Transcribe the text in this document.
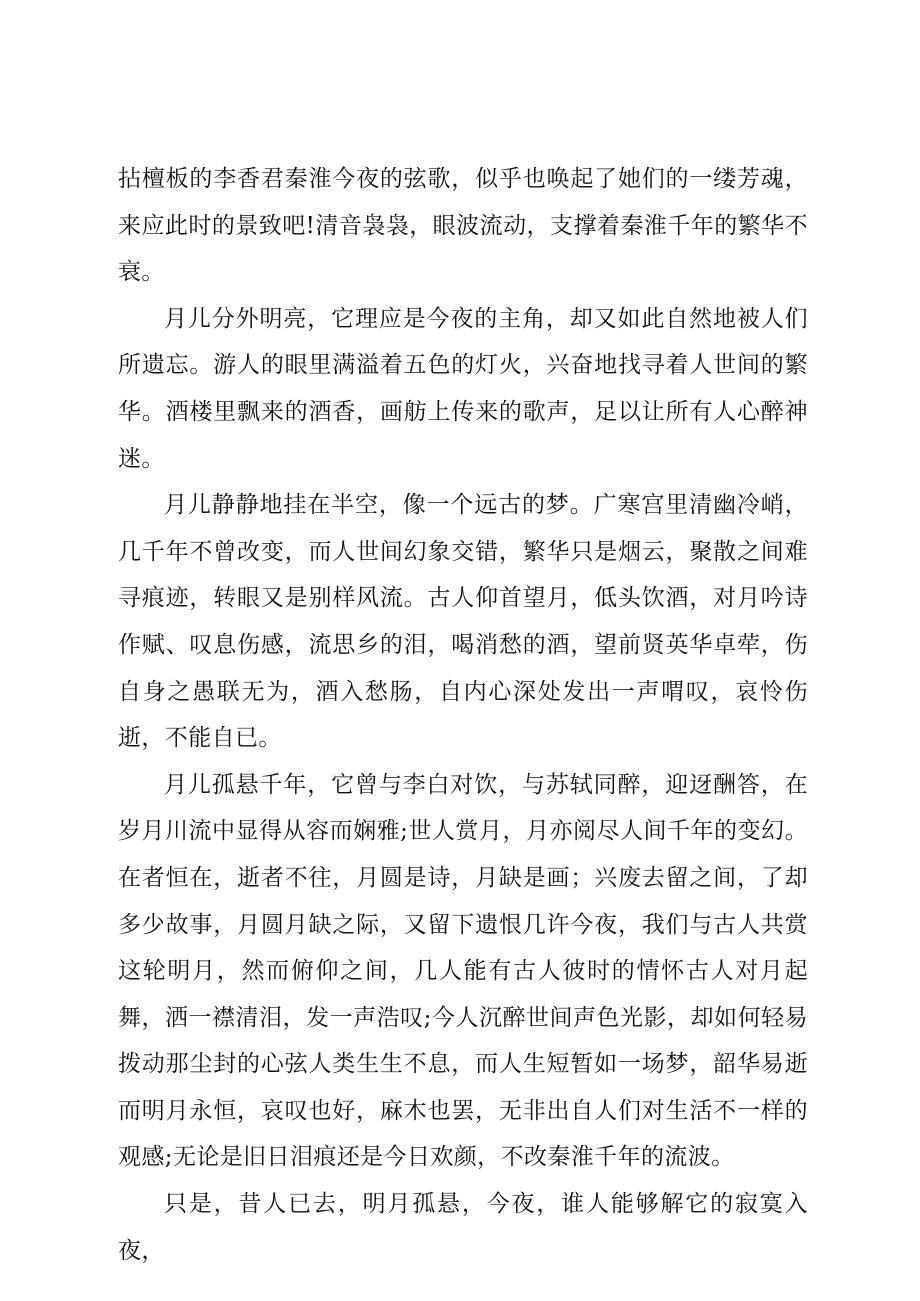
拈檀板的李香君秦淮今夜的弦歌，似乎也唤起了她们的一缕芳魂，来应此时的景致吧!清音袅袅，眼波流动，支撑着秦淮千年的繁华不衰。

月儿分外明亮，它理应是今夜的主角，却又如此自然地被人们所遗忘。游人的眼里满溢着五色的灯火，兴奋地找寻着人世间的繁华。酒楼里飘来的酒香，画舫上传来的歌声，足以让所有人心醉神迷。

月儿静静地挂在半空，像一个远古的梦。广寒宫里清幽冷峭，几千年不曾改变，而人世间幻象交错，繁华只是烟云，聚散之间难寻痕迹，转眼又是别样风流。古人仰首望月，低头饮酒，对月吟诗作赋、叹息伤感，流思乡的泪，喝消愁的酒，望前贤英华卓荦，伤自身之愚联无为，酒入愁肠，自内心深处发出一声喟叹，哀怜伤逝，不能自已。

月儿孤悬千年，它曾与李白对饮，与苏轼同醉，迎迓酬答，在岁月川流中显得从容而娴雅;世人赏月，月亦阅尽人间千年的变幻。在者恒在，逝者不往，月圆是诗，月缺是画；兴废去留之间，了却多少故事，月圆月缺之际，又留下遗恨几许今夜，我们与古人共赏这轮明月，然而俯仰之间，几人能有古人彼时的情怀古人对月起舞，洒一襟清泪，发一声浩叹;今人沉醉世间声色光影，却如何轻易拨动那尘封的心弦人类生生不息，而人生短暂如一场梦，韶华易逝而明月永恒，哀叹也好，麻木也罢，无非出自人们对生活不一样的观感;无论是旧日泪痕还是今日欢颜，不改秦淮千年的流波。

只是，昔人已去，明月孤悬，今夜，谁人能够解它的寂寞入夜，
